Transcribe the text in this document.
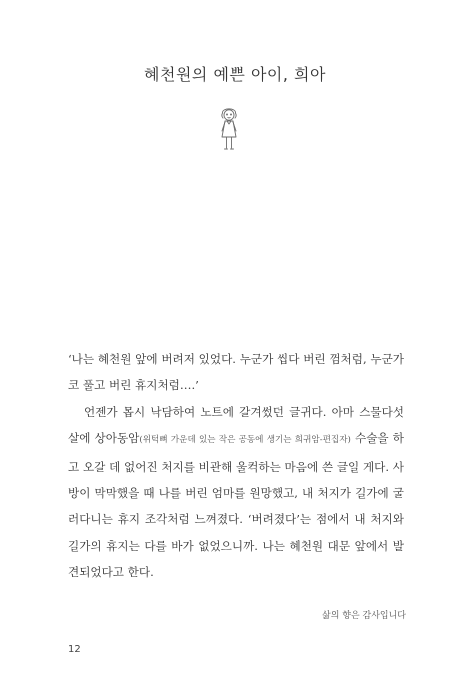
혜천원의 예쁜 아이, 희아

‘나는 혜천원 앞에 버려저 있었다. 누군가 씹다 버린 껌처럼, 누군가 코 풀고 버린 휴지처럼….’

언젠가 몹시 낙담하여 노트에 갈겨썼던 글귀다. 아마 스물다섯 살에 상아동암(위턱뼈 가운데 있는 작은 공동에 생기는 희귀암-편집자) 수술을 하고 오갈 데 없어진 처지를 비관해 울컥하는 마음에 쓴 글일 게다. 사방이 막막했을 때 나를 버린 엄마를 원망했고, 내 처지가 길가에 굴러다니는 휴지 조각처럼 느껴졌다. ‘버려졌다’는 점에서 내 처지와 길가의 휴지는 다를 바가 없었으니까. 나는 혜천원 대문 앞에서 발견되었다고 한다.

삶의 향은 감사입니다
12
